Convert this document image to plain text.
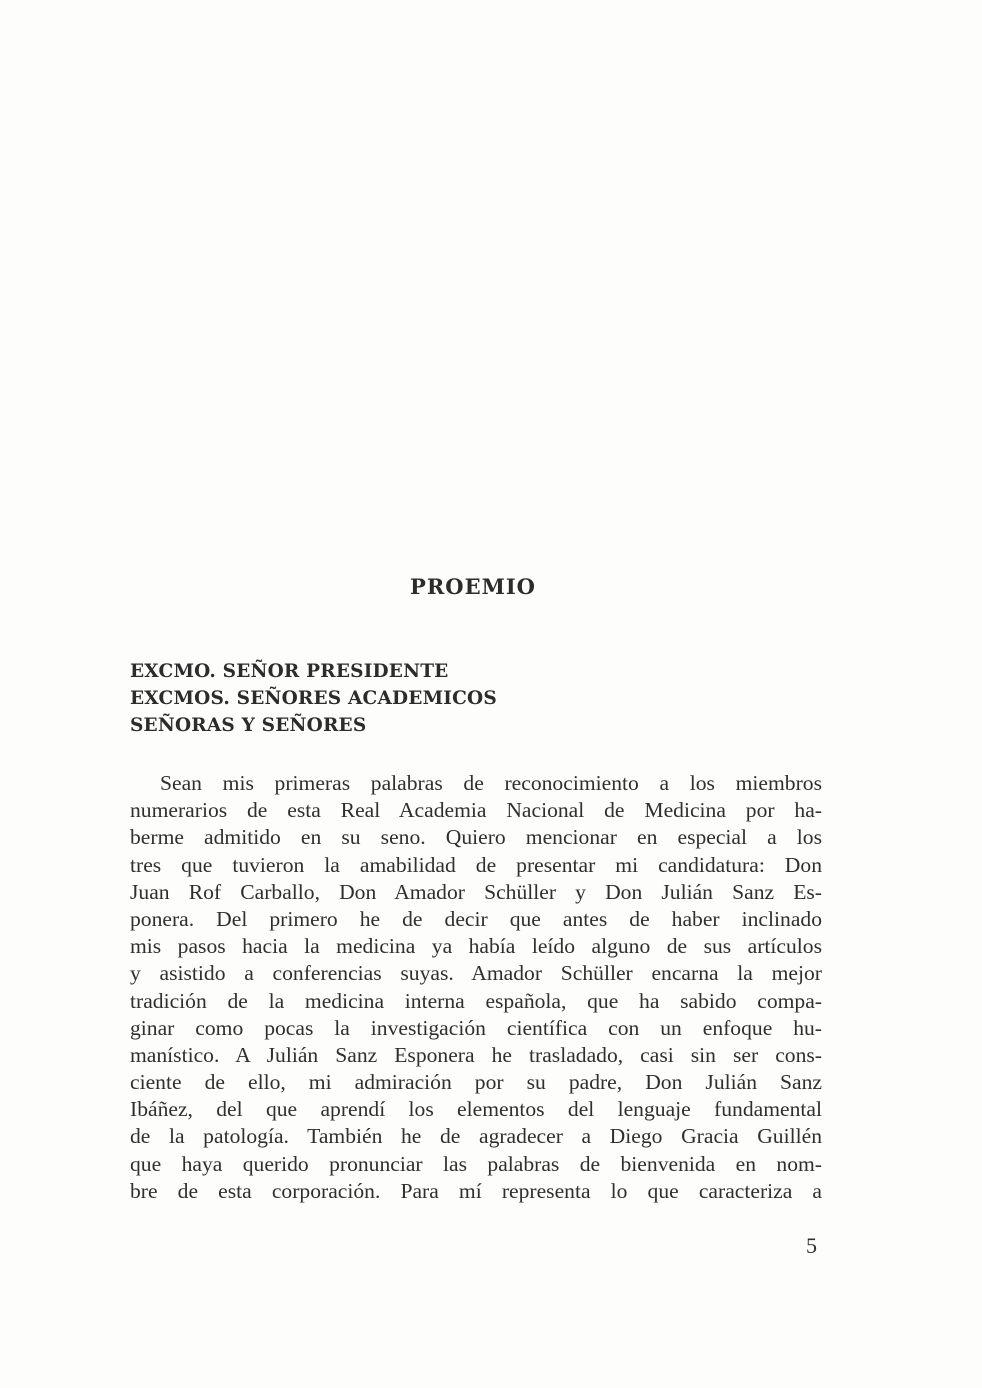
PROEMIO
EXCMO. SEÑOR PRESIDENTE
EXCMOS. SEÑORES ACADEMICOS
SEÑORAS Y SEÑORES
Sean mis primeras palabras de reconocimiento a los miembros
numerarios de esta Real Academia Nacional de Medicina por ha-
berme admitido en su seno. Quiero mencionar en especial a los
tres que tuvieron la amabilidad de presentar mi candidatura: Don
Juan Rof Carballo, Don Amador Schüller y Don Julián Sanz Es-
ponera. Del primero he de decir que antes de haber inclinado
mis pasos hacia la medicina ya había leído alguno de sus artículos
y asistido a conferencias suyas. Amador Schüller encarna la mejor
tradición de la medicina interna española, que ha sabido compa-
ginar como pocas la investigación científica con un enfoque hu-
manístico. A Julián Sanz Esponera he trasladado, casi sin ser cons-
ciente de ello, mi admiración por su padre, Don Julián Sanz
Ibáñez, del que aprendí los elementos del lenguaje fundamental
de la patología. También he de agradecer a Diego Gracia Guillén
que haya querido pronunciar las palabras de bienvenida en nom-
bre de esta corporación. Para mí representa lo que caracteriza a
5
